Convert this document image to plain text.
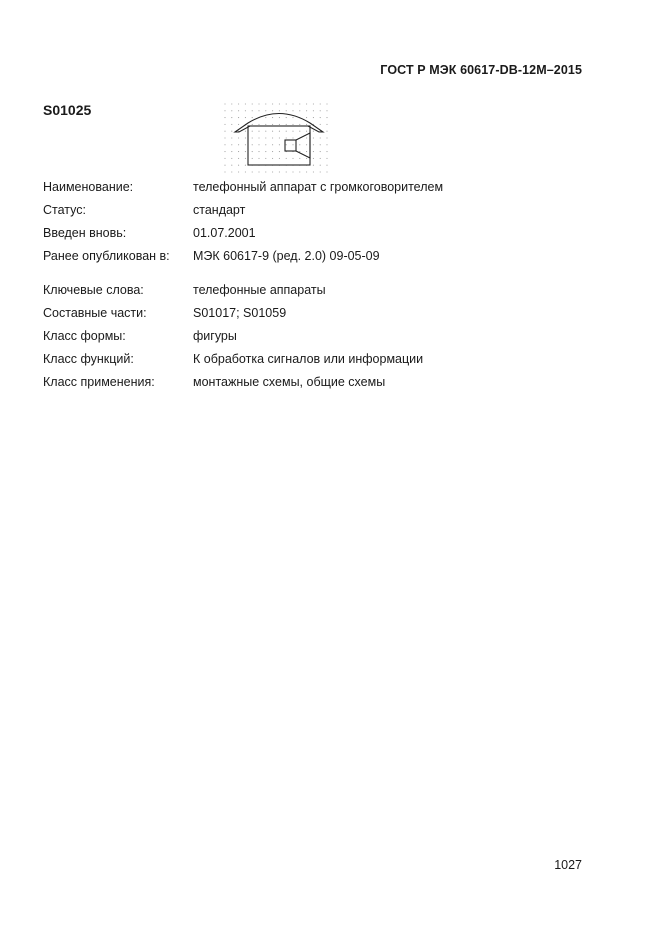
ГОСТ Р МЭК 60617-DB-12M–2015
S01025
Наименование:	телефонный аппарат с громкоговорителем
Статус:	стандарт
Введен вновь:	01.07.2001
Ранее опубликован в:	МЭК 60617-9 (ред. 2.0) 09-05-09
Ключевые слова:	телефонные аппараты
Составные части:	S01017; S01059
Класс формы:	фигуры
Класс функций:	К обработка сигналов или информации
Класс применения:	монтажные схемы, общие схемы
1027
